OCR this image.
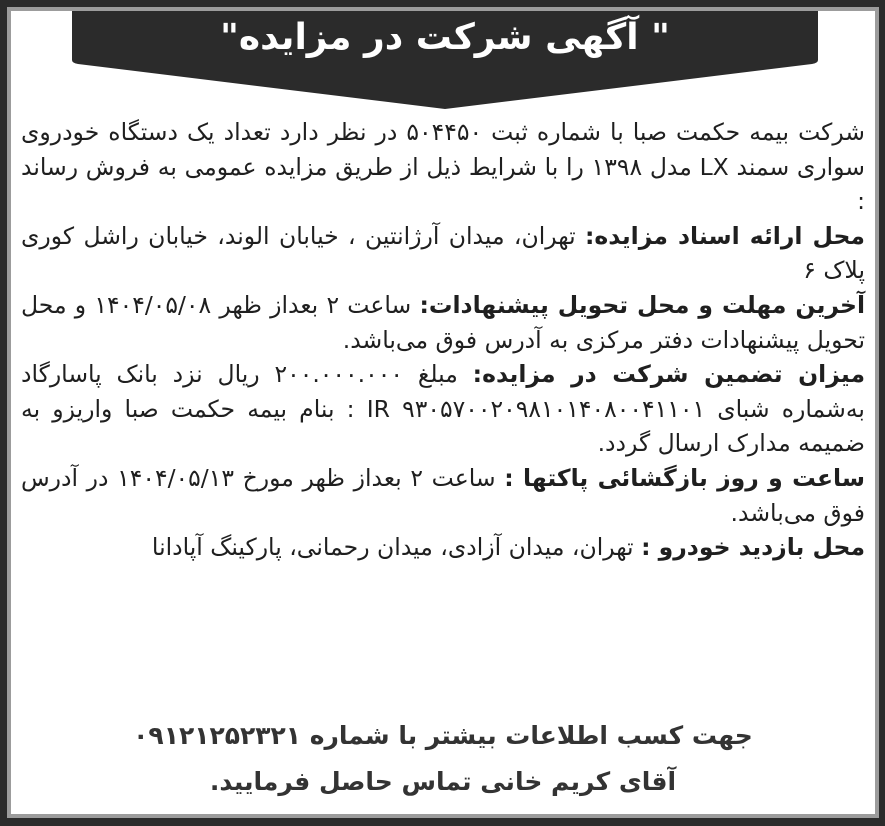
" آگهی شرکت در مزایده"

شرکت بیمه حکمت صبا با شماره ثبت ۵۰۴۴۵۰ در نظر دارد تعداد یک دستگاه خودروی سواری سمند LX مدل ۱۳۹۸ را با شرایط ذیل از طریق مزایده عمومی به فروش رساند :

محل ارائه اسناد مزایده: تهران، میدان آرژانتین ، خیابان الوند، خیابان راشل کوری پلاک ۶

آخرین مهلت و محل تحویل پیشنهادات: ساعت ۲ بعداز ظهر ۱۴۰۴/۰۵/۰۸ و محل تحویل پیشنهادات دفتر مرکزی به آدرس فوق می‌باشد.

میزان تضمین شرکت در مزایده: مبلغ ۲۰۰.۰۰۰.۰۰۰ ریال نزد بانک پاسارگاد به‌شماره شبای IR ۹۳۰۵۷۰۰۲۰۹۸۱۰۱۴۰۸۰۰۴۱۱۰۱ : بنام بیمه حکمت صبا واریزو به ضمیمه مدارک ارسال گردد.

ساعت و روز بازگشائی پاکتها : ساعت ۲ بعداز ظهر مورخ ۱۴۰۴/۰۵/۱۳ در آدرس فوق می‌باشد.

محل بازدید خودرو : تهران، میدان آزادی، میدان رحمانی، پارکینگ آپادانا

جهت کسب اطلاعات بیشتر با شماره ۰۹۱۲۱۲۵۲۳۲۱
آقای کریم خانی تماس حاصل فرمایید.
